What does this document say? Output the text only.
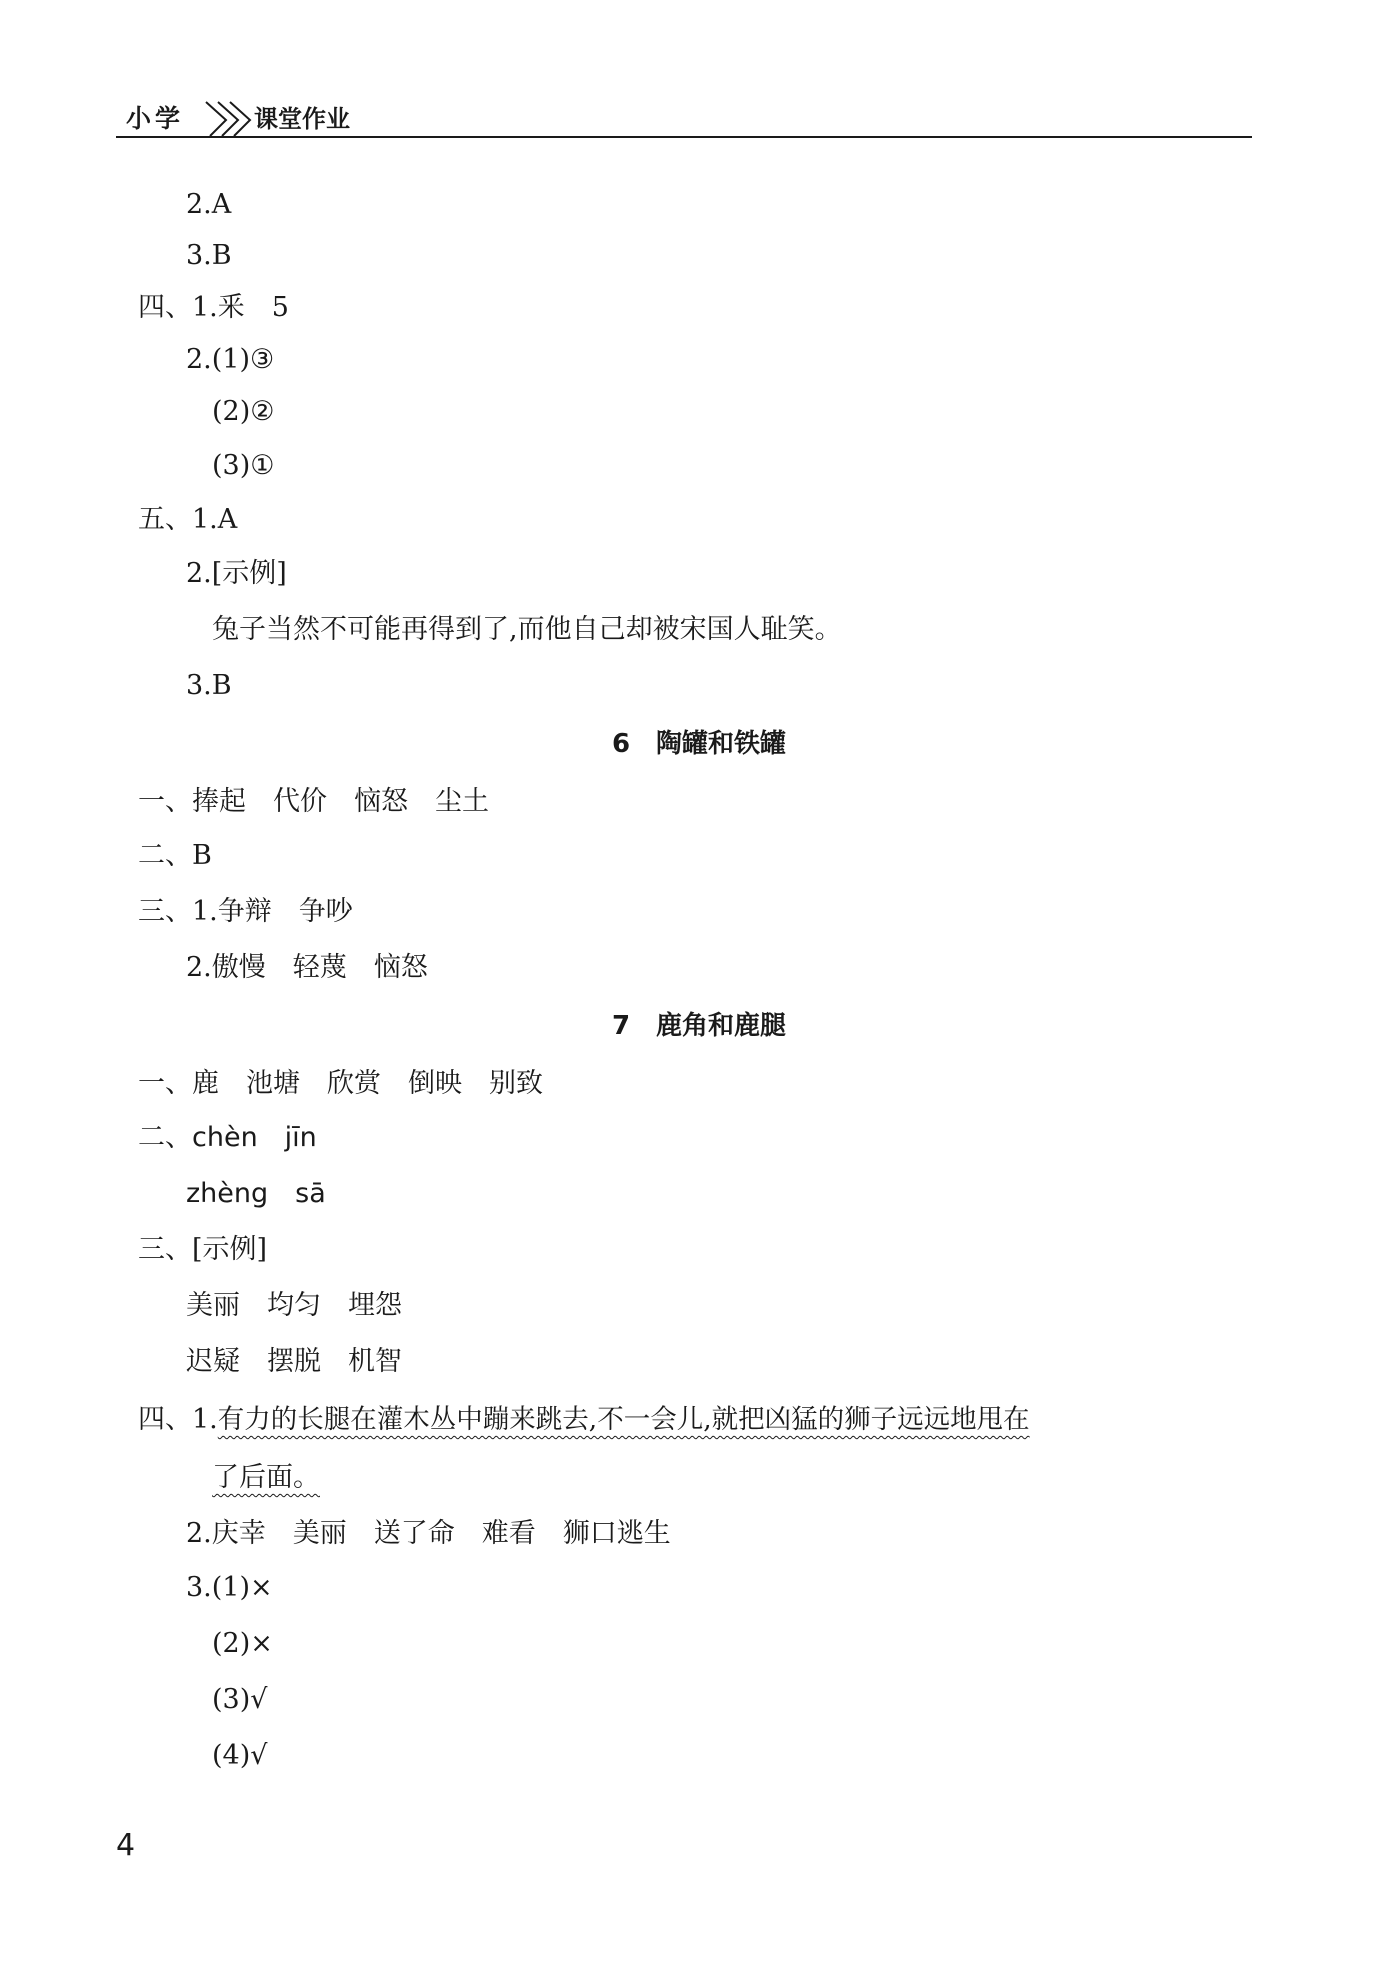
小学	课堂作业
2.A
3.B
四、1.釆　5
2.(1)③
(2)②
(3)①
五、1.A
2.[示例]
兔子当然不可能再得到了,而他自己却被宋国人耻笑。
3.B
6　陶罐和铁罐
一、捧起　代价　恼怒　尘土
二、B
三、1.争辩　争吵
2.傲慢　轻蔑　恼怒
7　鹿角和鹿腿
一、鹿　池塘　欣赏　倒映　别致
二、chèn　jīn
zhèng　sā
三、[示例]
美丽　均匀　埋怨
迟疑　摆脱　机智
四、1.有力的长腿在灌木丛中蹦来跳去,不一会儿,就把凶猛的狮子远远地甩在
了后面。
2.庆幸　美丽　送了命　难看　狮口逃生
3.(1)×
(2)×
(3)√
(4)√
4
